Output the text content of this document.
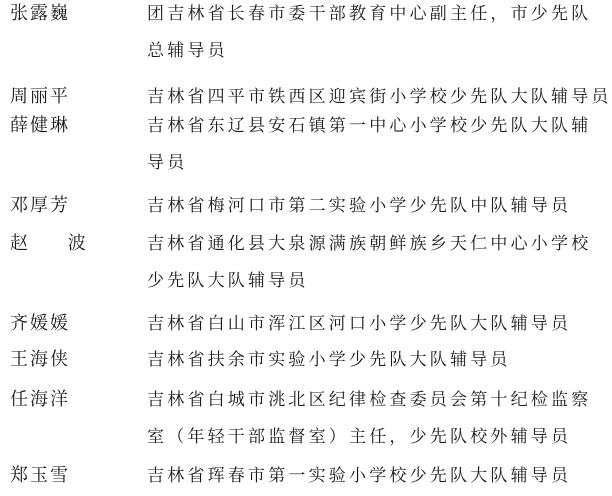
张露巍	团吉林省长春市委干部教育中心副主任，市少先队
总辅导员
周丽平	吉林省四平市铁西区迎宾街小学校少先队大队辅导员
薛健琳	吉林省东辽县安石镇第一中心小学校少先队大队辅
导员
邓厚芳	吉林省梅河口市第二实验小学少先队中队辅导员
赵 波	吉林省通化县大泉源满族朝鲜族乡天仁中心小学校
少先队大队辅导员
齐媛媛	吉林省白山市浑江区河口小学少先队大队辅导员
王海侠	吉林省扶余市实验小学少先队大队辅导员
任海洋	吉林省白城市洮北区纪律检查委员会第十纪检监察
室（年轻干部监督室）主任，少先队校外辅导员
郑玉雪	吉林省珲春市第一实验小学校少先队大队辅导员
